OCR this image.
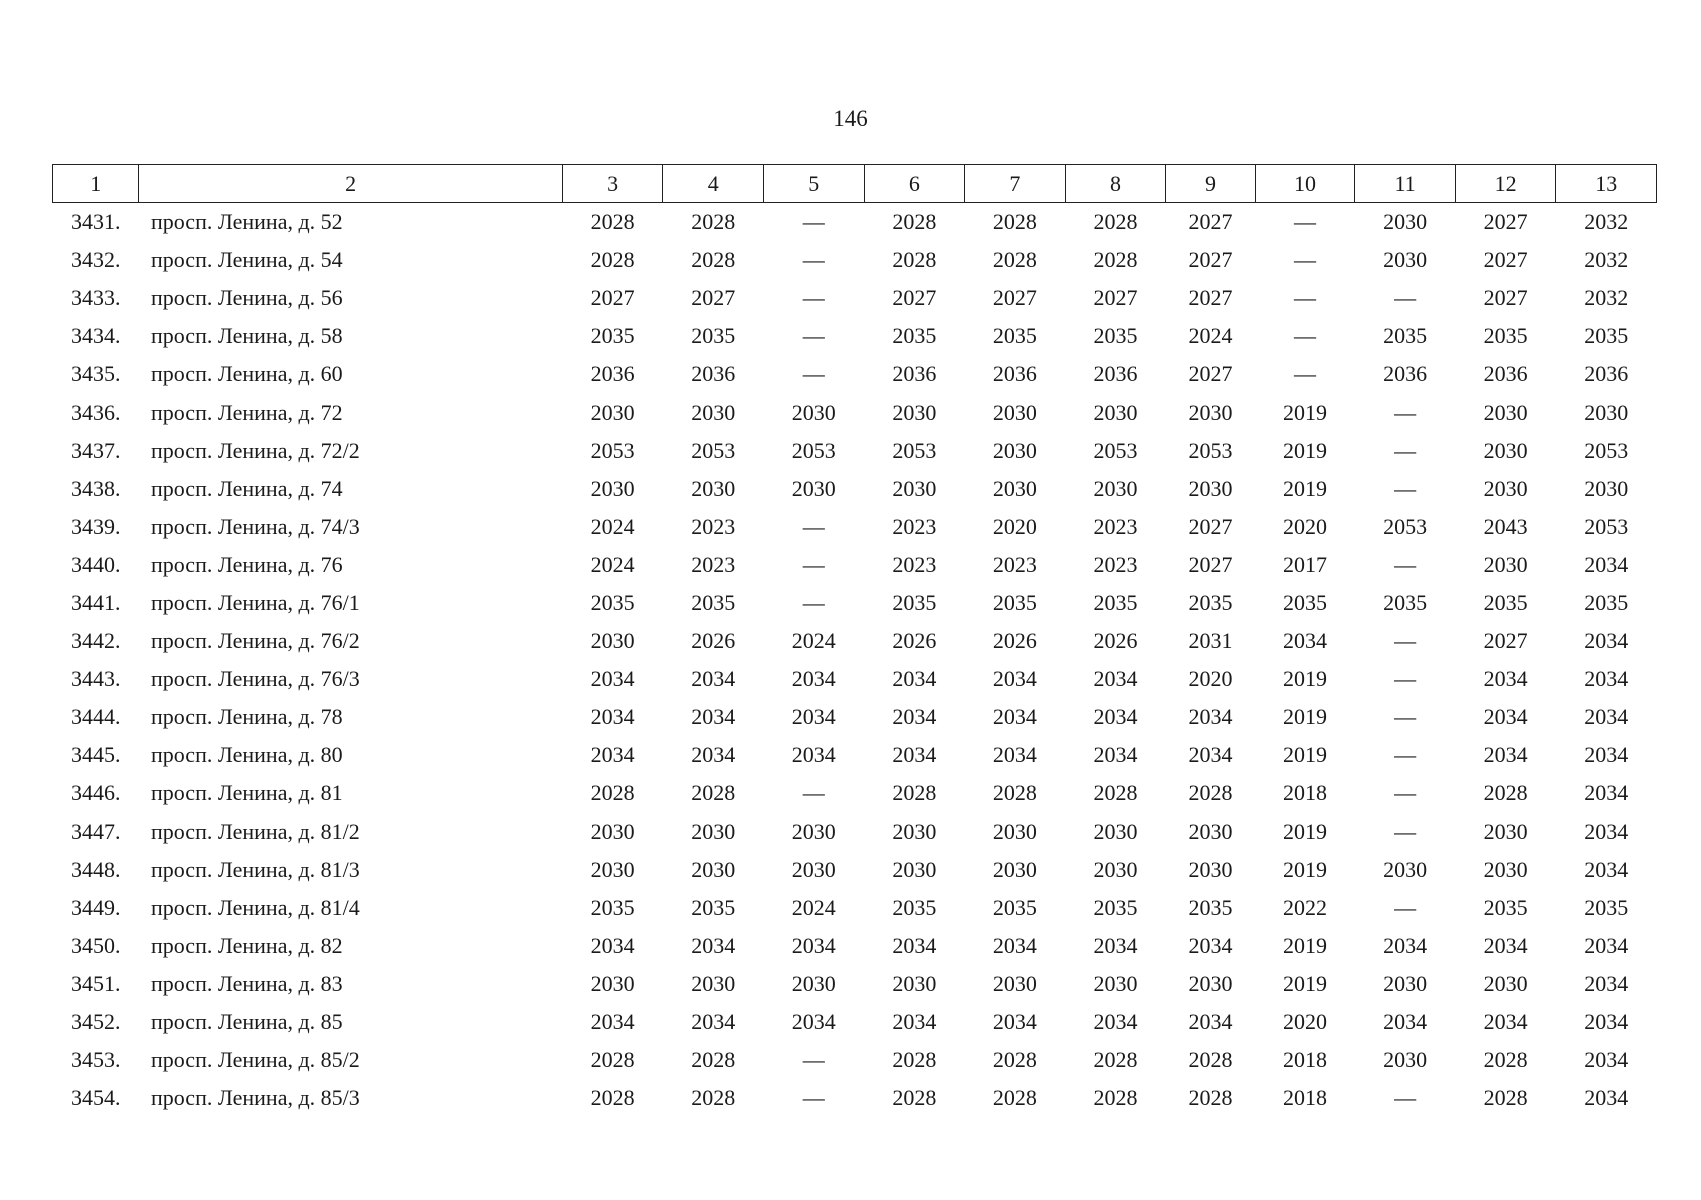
146
1	2	3	4	5	6	7	8	9	10	11	12	13
3431.	просп. Ленина, д. 52	2028	2028	—	2028	2028	2028	2027	—	2030	2027	2032
3432.	просп. Ленина, д. 54	2028	2028	—	2028	2028	2028	2027	—	2030	2027	2032
3433.	просп. Ленина, д. 56	2027	2027	—	2027	2027	2027	2027	—	—	2027	2032
3434.	просп. Ленина, д. 58	2035	2035	—	2035	2035	2035	2024	—	2035	2035	2035
3435.	просп. Ленина, д. 60	2036	2036	—	2036	2036	2036	2027	—	2036	2036	2036
3436.	просп. Ленина, д. 72	2030	2030	2030	2030	2030	2030	2030	2019	—	2030	2030
3437.	просп. Ленина, д. 72/2	2053	2053	2053	2053	2030	2053	2053	2019	—	2030	2053
3438.	просп. Ленина, д. 74	2030	2030	2030	2030	2030	2030	2030	2019	—	2030	2030
3439.	просп. Ленина, д. 74/3	2024	2023	—	2023	2020	2023	2027	2020	2053	2043	2053
3440.	просп. Ленина, д. 76	2024	2023	—	2023	2023	2023	2027	2017	—	2030	2034
3441.	просп. Ленина, д. 76/1	2035	2035	—	2035	2035	2035	2035	2035	2035	2035	2035
3442.	просп. Ленина, д. 76/2	2030	2026	2024	2026	2026	2026	2031	2034	—	2027	2034
3443.	просп. Ленина, д. 76/3	2034	2034	2034	2034	2034	2034	2020	2019	—	2034	2034
3444.	просп. Ленина, д. 78	2034	2034	2034	2034	2034	2034	2034	2019	—	2034	2034
3445.	просп. Ленина, д. 80	2034	2034	2034	2034	2034	2034	2034	2019	—	2034	2034
3446.	просп. Ленина, д. 81	2028	2028	—	2028	2028	2028	2028	2018	—	2028	2034
3447.	просп. Ленина, д. 81/2	2030	2030	2030	2030	2030	2030	2030	2019	—	2030	2034
3448.	просп. Ленина, д. 81/3	2030	2030	2030	2030	2030	2030	2030	2019	2030	2030	2034
3449.	просп. Ленина, д. 81/4	2035	2035	2024	2035	2035	2035	2035	2022	—	2035	2035
3450.	просп. Ленина, д. 82	2034	2034	2034	2034	2034	2034	2034	2019	2034	2034	2034
3451.	просп. Ленина, д. 83	2030	2030	2030	2030	2030	2030	2030	2019	2030	2030	2034
3452.	просп. Ленина, д. 85	2034	2034	2034	2034	2034	2034	2034	2020	2034	2034	2034
3453.	просп. Ленина, д. 85/2	2028	2028	—	2028	2028	2028	2028	2018	2030	2028	2034
3454.	просп. Ленина, д. 85/3	2028	2028	—	2028	2028	2028	2028	2018	—	2028	2034
